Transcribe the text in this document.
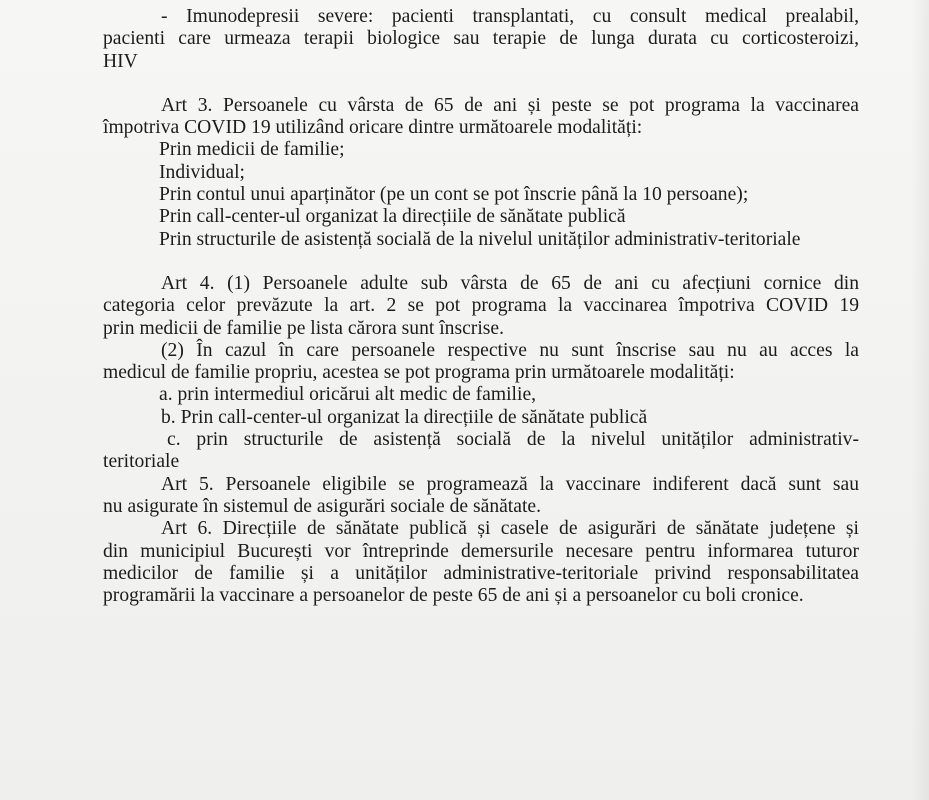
- Imunodepresii severe: pacienti transplantati, cu consult medical prealabil,

pacienti care urmeaza terapii biologice sau terapie de lunga durata cu corticosteroizi,

HIV

Art 3. Persoanele cu vârsta de 65 de ani și peste se pot programa la vaccinarea

împotriva COVID 19 utilizând oricare dintre următoarele modalități:

Prin medicii de familie;

Individual;

Prin contul unui aparținător (pe un cont se pot înscrie până la 10 persoane);

Prin call-center-ul organizat la direcțiile de sănătate publică

Prin structurile de asistență socială de la nivelul unităților administrativ-teritoriale

Art 4. (1) Persoanele adulte sub vârsta de 65 de ani cu afecțiuni cornice din

categoria celor prevăzute la art. 2 se pot programa la vaccinarea împotriva COVID 19

prin medicii de familie pe lista cărora sunt înscrise.

(2) În cazul în care persoanele respective nu sunt înscrise sau nu au acces la

medicul de familie propriu, acestea se pot programa prin următoarele modalități:

a. prin intermediul oricărui alt medic de familie,

b. Prin call-center-ul organizat la direcțiile de sănătate publică

c. prin structurile de asistență socială de la nivelul unităților administrativ-

teritoriale

Art 5. Persoanele eligibile se programează la vaccinare indiferent dacă sunt sau

nu asigurate în sistemul de asigurări sociale de sănătate.

Art 6. Direcțiile de sănătate publică și casele de asigurări de sănătate județene și

din municipiul București vor întreprinde demersurile necesare pentru informarea tuturor

medicilor de familie și a unităților administrative-teritoriale privind responsabilitatea

programării la vaccinare a persoanelor de peste 65 de ani și a persoanelor cu boli cronice.
